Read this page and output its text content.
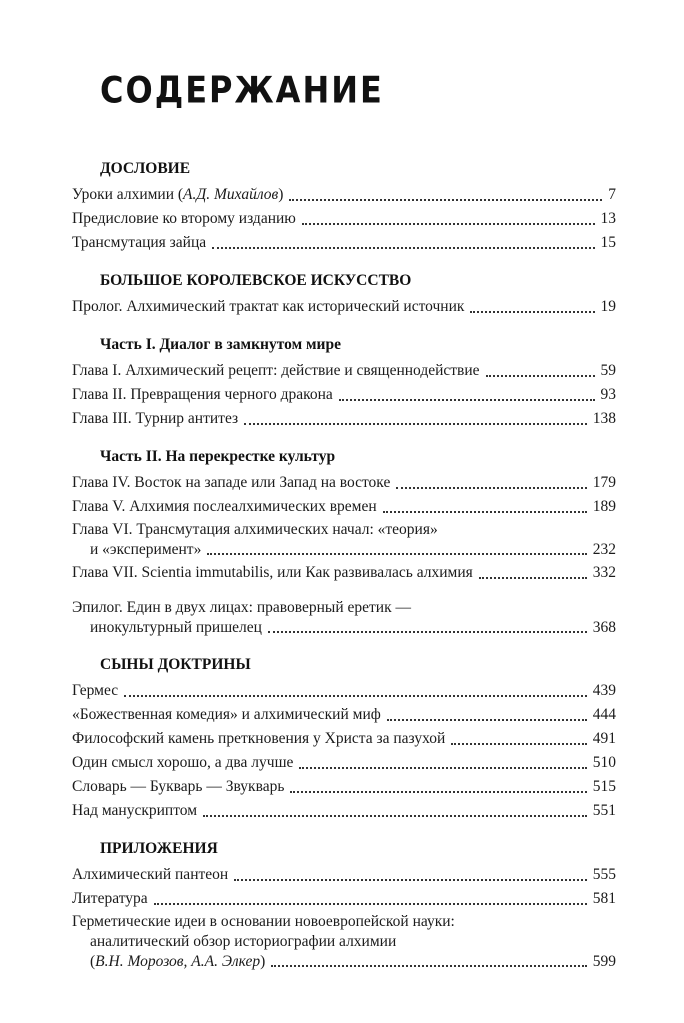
СОДЕРЖАНИЕ
ДОСЛОВИЕ
Уроки алхимии (А.Д. Михайлов)	7
Предисловие ко второму изданию	13
Трансмутация зайца	15
БОЛЬШОЕ КОРОЛЕВСКОЕ ИСКУССТВО
Пролог. Алхимический трактат как исторический источник	19
Часть I. Диалог в замкнутом мире
Глава I. Алхимический рецепт: действие и священнодействие	59
Глава II. Превращения черного дракона	93
Глава III. Турнир антитез	138
Часть II. На перекрестке культур
Глава IV. Восток на западе или Запад на востоке	179
Глава V. Алхимия послеалхимических времен	189
Глава VI. Трансмутация алхимических начал: «теория»
и «эксперимент»	232
Глава VII. Scientia immutabilis, или Как развивалась алхимия	332
Эпилог. Един в двух лицах: правоверный еретик —
инокультурный пришелец	368
СЫНЫ ДОКТРИНЫ
Гермес	439
«Божественная комедия» и алхимический миф	444
Философский камень преткновения у Христа за пазухой	491
Один смысл хорошо, а два лучше	510
Словарь — Букварь — Звукварь	515
Над манускриптом	551
ПРИЛОЖЕНИЯ
Алхимический пантеон	555
Литература	581
Герметические идеи в основании новоевропейской науки:
аналитический обзор историографии алхимии
(В.Н. Морозов, А.А. Элкер)	599
